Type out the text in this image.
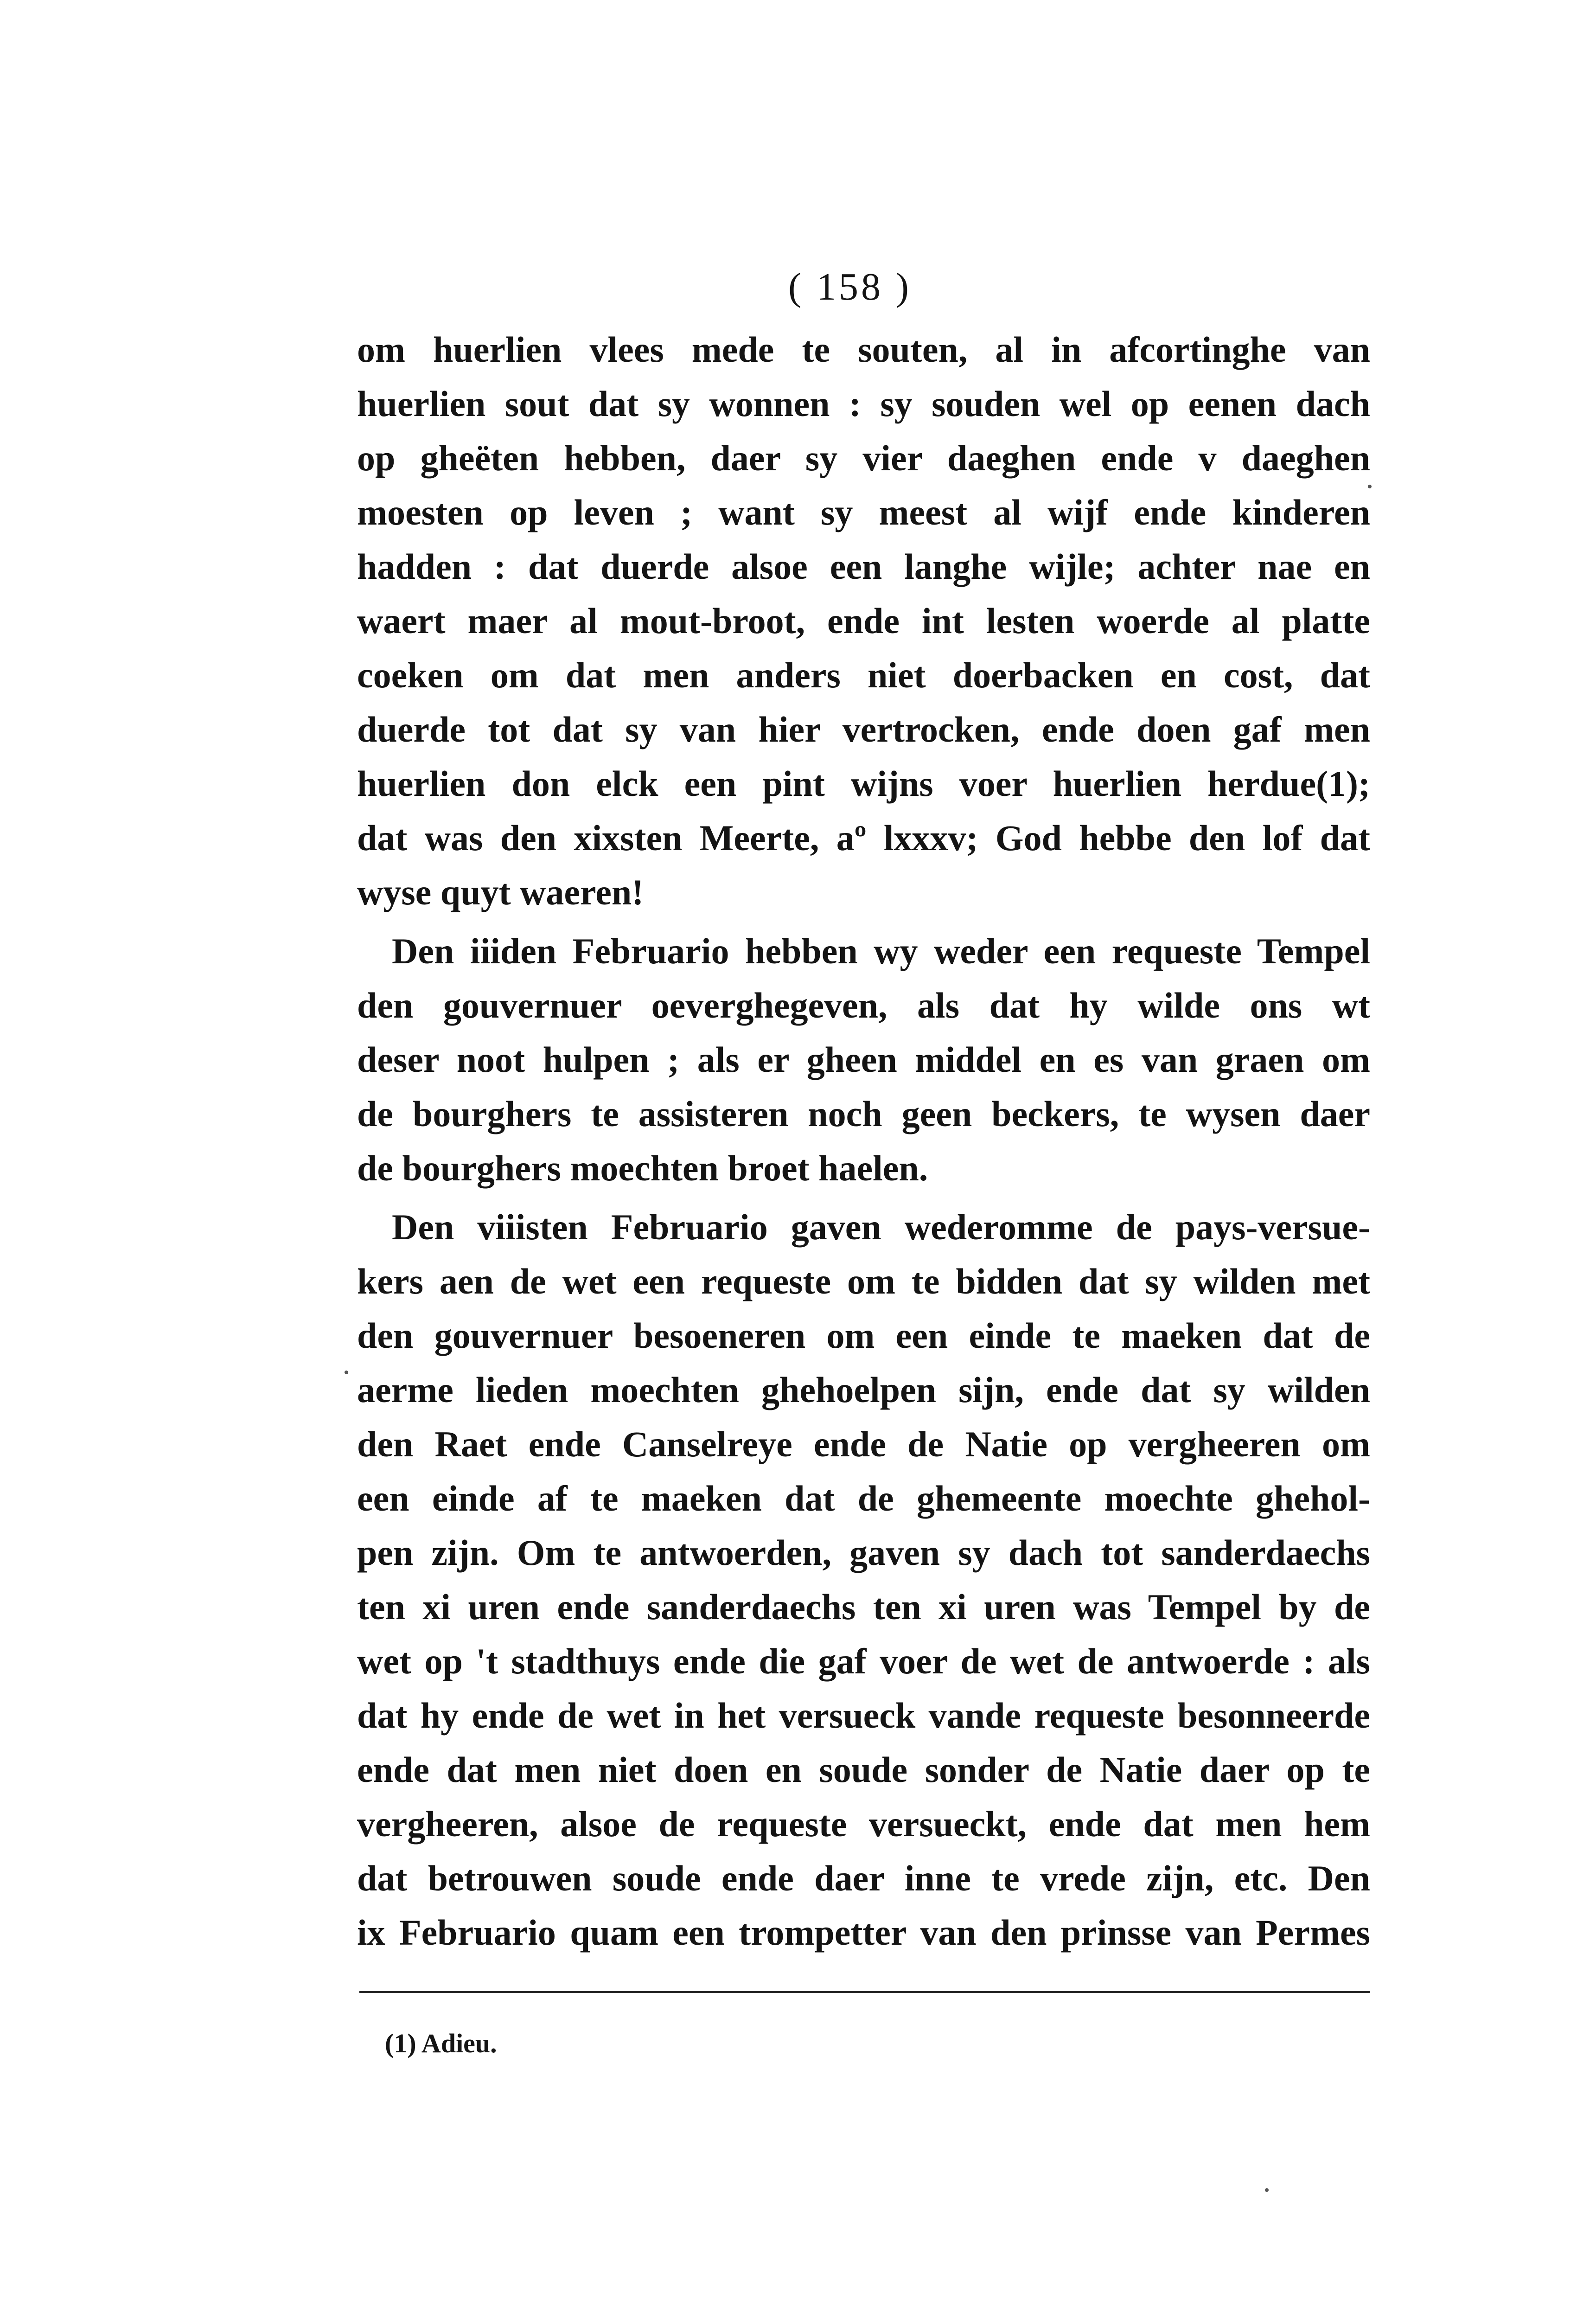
( 158 )
om huerlien vlees mede te souten, al in afcortinghe van
huerlien sout dat sy wonnen : sy souden wel op eenen dach
op gheëten hebben, daer sy vier daeghen ende v daeghen
moesten op leven ; want sy meest al wijf ende kinderen
hadden : dat duerde alsoe een langhe wijle; achter nae en
waert maer al mout-broot, ende int lesten woerde al platte
coeken om dat men anders niet doerbacken en cost, dat
duerde tot dat sy van hier vertrocken, ende doen gaf men
huerlien don elck een pint wijns voer huerlien herdue(1);
dat was den xixsten Meerte, aº lxxxv; God hebbe den lof dat
wyse quyt waeren!
Den iiiden Februario hebben wy weder een requeste Tempel
den gouvernuer oeverghegeven, als dat hy wilde ons wt
deser noot hulpen ; als er gheen middel en es van graen om
de bourghers te assisteren noch geen beckers, te wysen daer
de bourghers moechten broet haelen.
Den viiisten Februario gaven wederomme de pays-versue-
kers aen de wet een requeste om te bidden dat sy wilden met
den gouvernuer besoeneren om een einde te maeken dat de
aerme lieden moechten ghehoelpen sijn, ende dat sy wilden
den Raet ende Canselreye ende de Natie op vergheeren om
een einde af te maeken dat de ghemeente moechte ghehol-
pen zijn. Om te antwoerden, gaven sy dach tot sanderdaechs
ten xi uren ende sanderdaechs ten xi uren was Tempel by de
wet op 't stadthuys ende die gaf voer de wet de antwoerde : als
dat hy ende de wet in het versueck vande requeste besonneerde
ende dat men niet doen en soude sonder de Natie daer op te
vergheeren, alsoe de requeste versueckt, ende dat men hem
dat betrouwen soude ende daer inne te vrede zijn, etc. Den
ix Februario quam een trompetter van den prinsse van Permes
(1) Adieu.
